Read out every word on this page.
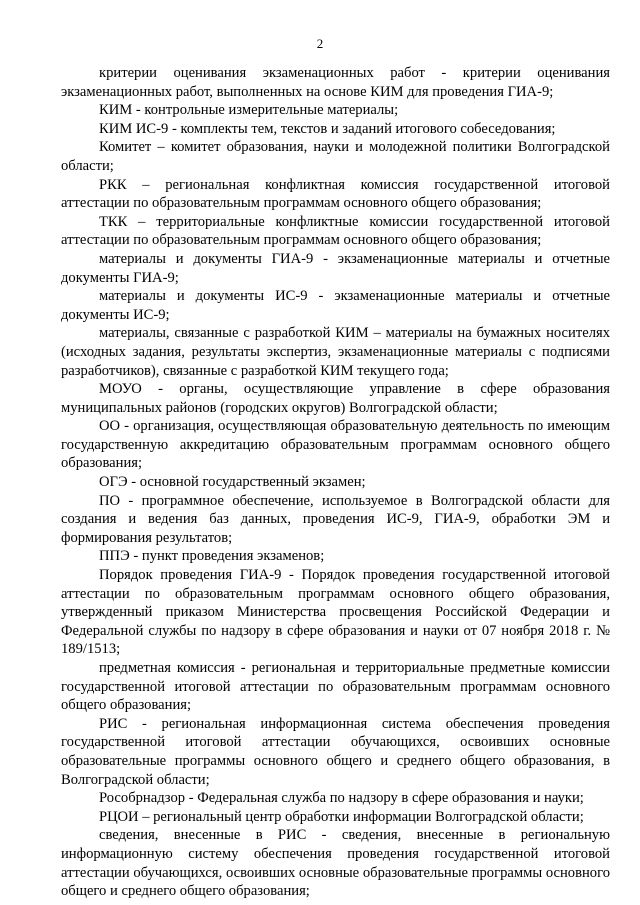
2

критерии оценивания экзаменационных работ - критерии оценивания экзаменационных работ, выполненных на основе КИМ для проведения ГИА-9;

КИМ - контрольные измерительные материалы;

КИМ ИС-9 - комплекты тем, текстов и заданий итогового собеседования;

Комитет – комитет образования, науки и молодежной политики Волгоградской области;

РКК – региональная конфликтная комиссия государственной итоговой аттестации по образовательным программам основного общего образования;

ТКК – территориальные конфликтные комиссии государственной итоговой аттестации по образовательным программам основного общего образования;

материалы и документы ГИА-9 - экзаменационные материалы и отчетные документы ГИА-9;

материалы и документы ИС-9 - экзаменационные материалы и отчетные документы ИС-9;

материалы, связанные с разработкой КИМ – материалы на бумажных носителях (исходных задания, результаты экспертиз, экзаменационные материалы с подписями разработчиков), связанные с разработкой КИМ текущего года;

МОУО - органы, осуществляющие управление в сфере образования муниципальных районов (городских округов) Волгоградской области;

ОО - организация, осуществляющая образовательную деятельность по имеющим государственную аккредитацию образовательным программам основного общего образования;

ОГЭ - основной государственный экзамен;

ПО - программное обеспечение, используемое в Волгоградской области для создания и ведения баз данных, проведения ИС-9, ГИА-9, обработки ЭМ и формирования результатов;

ППЭ - пункт проведения экзаменов;

Порядок проведения ГИА-9 - Порядок проведения государственной итоговой аттестации по образовательным программам основного общего образования, утвержденный приказом Министерства просвещения Российской Федерации и Федеральной службы по надзору в сфере образования и науки от 07 ноября 2018 г. № 189/1513;

предметная комиссия - региональная и территориальные предметные комиссии государственной итоговой аттестации по образовательным программам основного общего образования;

РИС - региональная информационная система обеспечения проведения государственной итоговой аттестации обучающихся, освоивших основные образовательные программы основного общего и среднего общего образования, в Волгоградской области;

Рособрнадзор - Федеральная служба по надзору в сфере образования и науки;

РЦОИ – региональный центр обработки информации Волгоградской области;

сведения, внесенные в РИС - сведения, внесенные в региональную информационную систему обеспечения проведения государственной итоговой аттестации обучающихся, освоивших основные образовательные программы основного общего и среднего общего образования;
